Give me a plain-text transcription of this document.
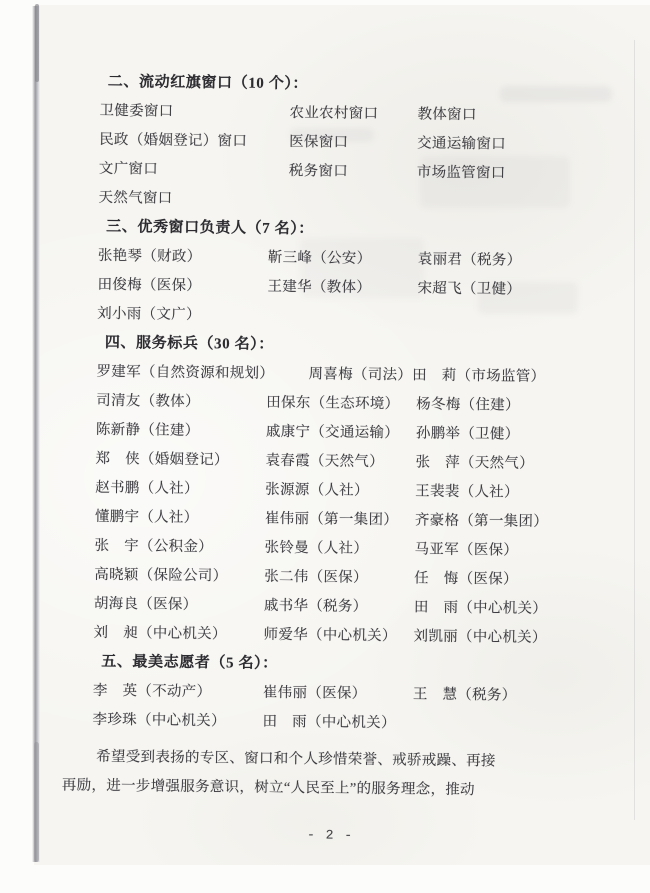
二、流动红旗窗口（10 个）：
卫健委窗口	农业农村窗口	教体窗口
民政（婚姻登记）窗口	医保窗口	交通运输窗口
文广窗口	税务窗口	市场监管窗口
天然气窗口
三、优秀窗口负责人（7 名）：
张艳琴（财政）	靳三峰（公安）	袁丽君（税务）
田俊梅（医保）	王建华（教体）	宋超飞（卫健）
刘小雨（文广）
四、服务标兵（30 名）：
罗建军（自然资源和规划）	周喜梅（司法） 田　莉（市场监管）
司清友（教体）	田保东（生态环境）	杨冬梅（住建）
陈新静（住建）	戚康宁（交通运输）	孙鹏举（卫健）
郑　侠（婚姻登记）	袁春霞（天然气）	张　萍（天然气）
赵书鹏（人社）	张源源（人社）	王裴裴（人社）
懂鹏宇（人社）	崔伟丽（第一集团）	齐豪格（第一集团）
张　宇（公积金）	张铃曼（人社）	马亚军（医保）
高晓颖（保险公司）	张二伟（医保）	任　悔（医保）
胡海良（医保）	戚书华（税务）	田　雨（中心机关）
刘　昶（中心机关）	师爱华（中心机关）	刘凯丽（中心机关）
五、最美志愿者（5 名）：
李　英（不动产）	崔伟丽（医保）	王　慧（税务）
李珍珠（中心机关）	田　雨（中心机关）
希望受到表扬的专区、窗口和个人珍惜荣誉、戒骄戒躁、再接
再励，进一步增强服务意识，树立“人民至上”的服务理念，推动
- 2 -
